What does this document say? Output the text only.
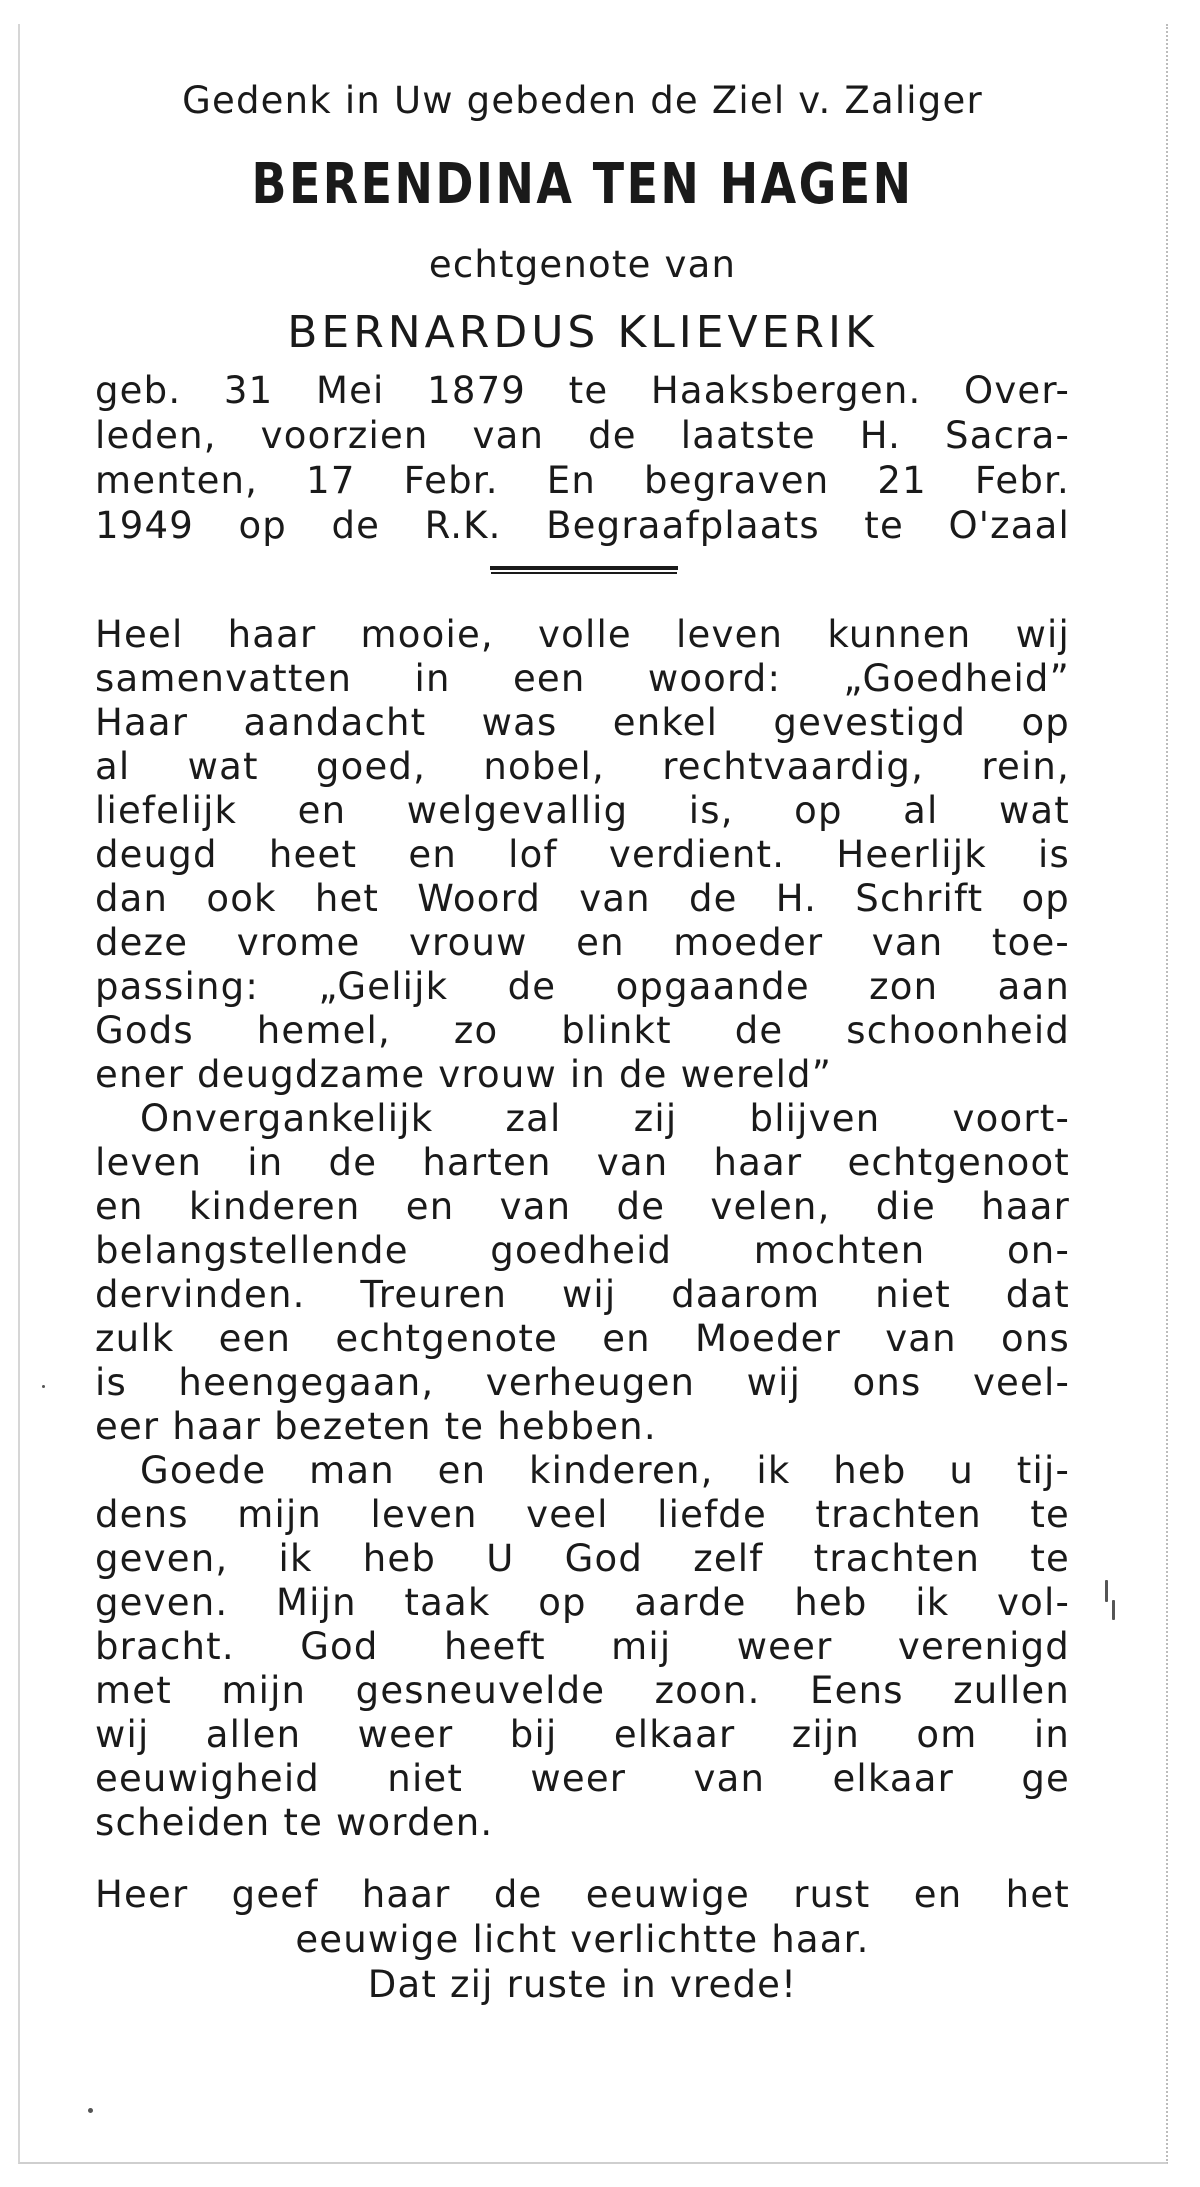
Gedenk in Uw gebeden de Ziel v. Zaliger
BERENDINA TEN HAGEN
echtgenote van
BERNARDUS KLIEVERIK
geb. 31 Mei 1879 te Haaksbergen. Over-
leden, voorzien van de laatste H. Sacra-
menten, 17 Febr. En begraven 21 Febr.
1949 op de R.K. Begraafplaats te O'zaal
Heel haar mooie, volle leven kunnen wij
samenvatten in een woord: „Goedheid”
Haar aandacht was enkel gevestigd op
al wat goed, nobel, rechtvaardig, rein,
liefelijk en welgevallig is, op al wat
deugd heet en lof verdient. Heerlijk is
dan ook het Woord van de H. Schrift op
deze vrome vrouw en moeder van toe-
passing: „Gelijk de opgaande zon aan
Gods hemel, zo blinkt de schoonheid
ener deugdzame vrouw in de wereld”
Onvergankelijk zal zij blijven voort-
leven in de harten van haar echtgenoot
en kinderen en van de velen, die haar
belangstellende goedheid mochten on-
dervinden. Treuren wij daarom niet dat
zulk een echtgenote en Moeder van ons
is heengegaan, verheugen wij ons veel-
eer haar bezeten te hebben.
Goede man en kinderen, ik heb u tij-
dens mijn leven veel liefde trachten te
geven, ik heb U God zelf trachten te
geven. Mijn taak op aarde heb ik vol-
bracht. God heeft mij weer verenigd
met mijn gesneuvelde zoon. Eens zullen
wij allen weer bij elkaar zijn om in
eeuwigheid niet weer van elkaar ge
scheiden te worden.
Heer geef haar de eeuwige rust en het
eeuwige licht verlichtte haar.
Dat zij ruste in vrede!
